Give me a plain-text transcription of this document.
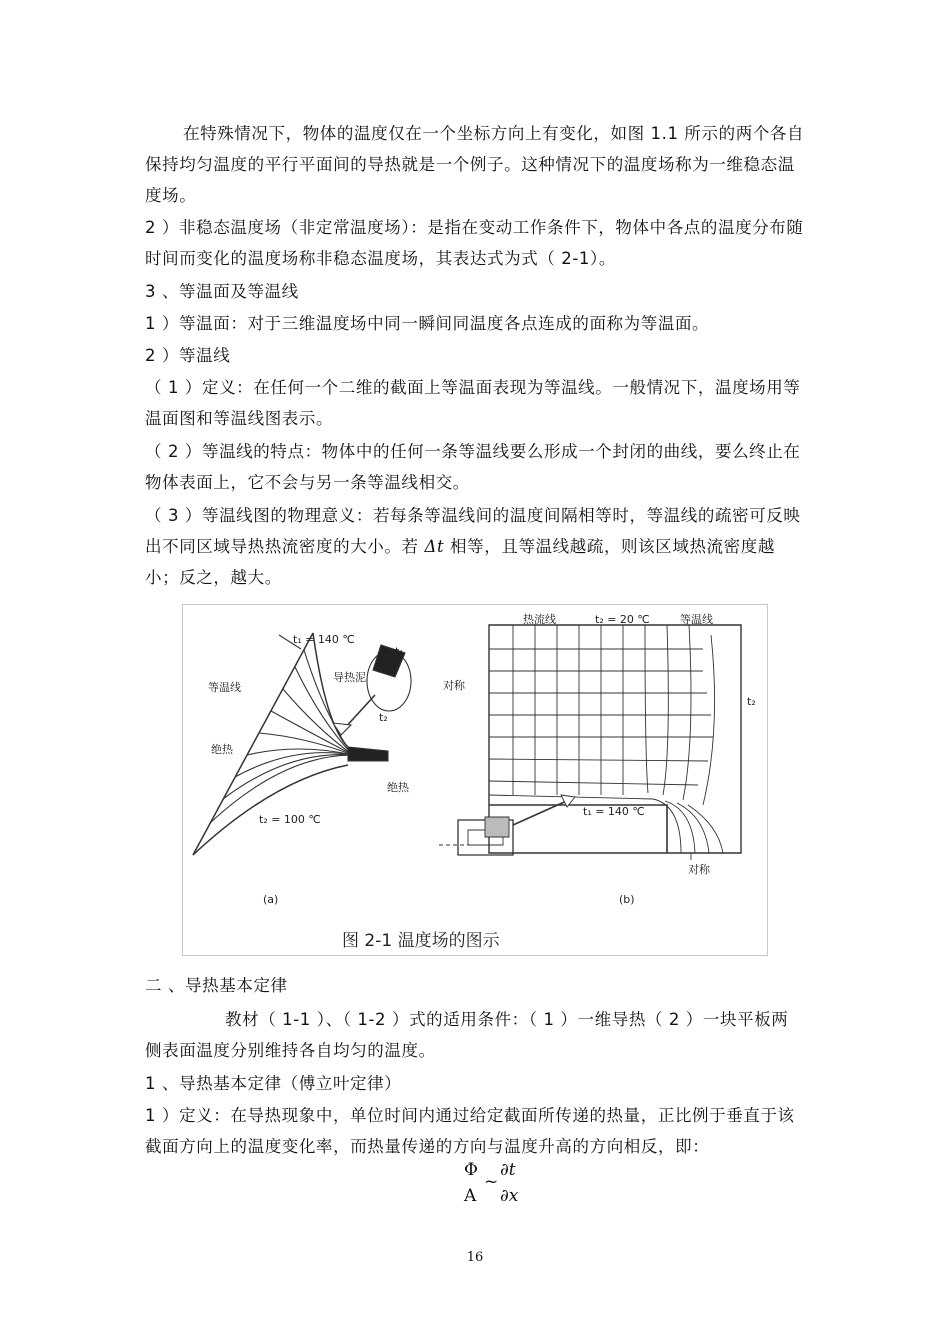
在特殊情况下，物体的温度仅在一个坐标方向上有变化，如图 1.1 所示的两个各自保持均匀温度的平行平面间的导热就是一个例子。这种情况下的温度场称为一维稳态温度场。

2 ）非稳态温度场（非定常温度场）：是指在变动工作条件下，物体中各点的温度分布随时间而变化的温度场称非稳态温度场，其表达式为式（ 2-1）。

3 、等温面及等温线

1 ）等温面：对于三维温度场中同一瞬间同温度各点连成的面称为等温面。

2 ）等温线

（ 1 ）定义：在任何一个二维的截面上等温面表现为等温线。一般情况下，温度场用等温面图和等温线图表示。

（ 2 ）等温线的特点：物体中的任何一条等温线要么形成一个封闭的曲线，要么终止在物体表面上，它不会与另一条等温线相交。

（ 3 ）等温线图的物理意义：若每条等温线间的温度间隔相等时，等温线的疏密可反映出不同区域导热热流密度的大小。若 Δt 相等，且等温线越疏，则该区域热流密度越小；反之，越大。

t₁ = 140 ℃
等温线
绝热
绝热
t₂ = 100 ℃
导热泥
t₁
t₂
(a)
热流线	t₂ = 20 ℃	等温线
对称
t₂
t₁ = 140 ℃
对称
(b)
图 2-1 温度场的图示

二 、导热基本定律

教材（ 1-1 ）、（ 1-2 ）式的适用条件：（ 1 ）一维导热（ 2 ）一块平板两侧表面温度分别维持各自均匀的温度。

1 、导热基本定律（傅立叶定律）

1 ）定义：在导热现象中，单位时间内通过给定截面所传递的热量，正比例于垂直于该截面方向上的温度变化率，而热量传递的方向与温度升高的方向相反，即：

Φ
A
~
∂t
∂x
16
